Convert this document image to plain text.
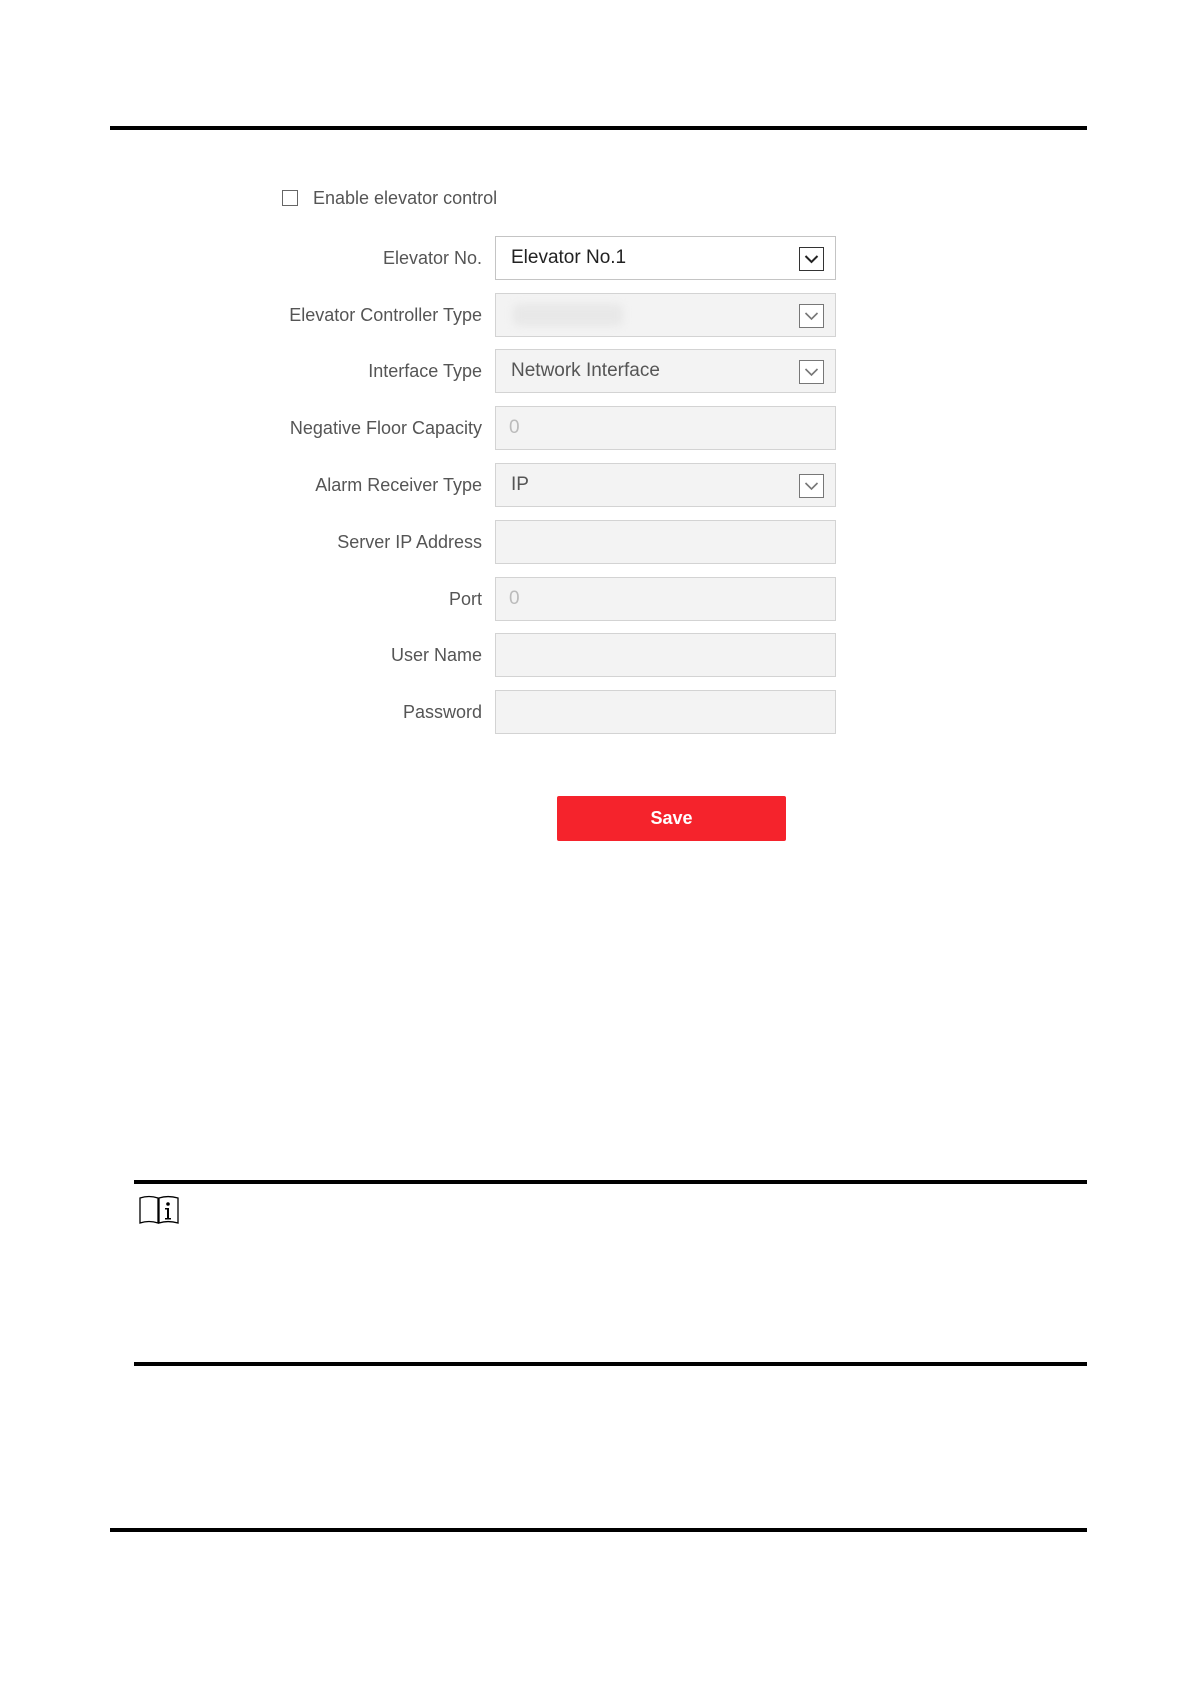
Enable elevator control
Elevator No.	Elevator No.1
Elevator Controller Type
Interface Type	Network Interface
Negative Floor Capacity	0
Alarm Receiver Type	IP
Server IP Address
Port	0
User Name
Password
Save
